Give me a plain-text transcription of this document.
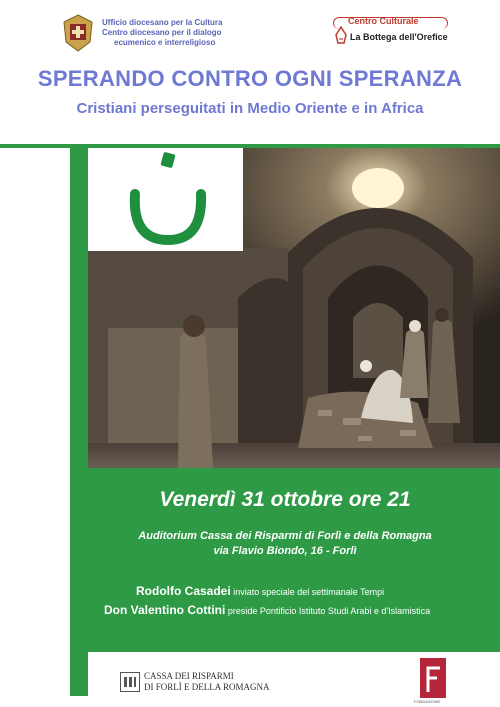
Ufficio diocesano per la Cultura
Centro diocesano per il dialogo
ecumenico e interreligioso
Centro Culturale
La Bottega dell'Orefice
SPERANDO CONTRO OGNI SPERANZA
Cristiani perseguitati in Medio Oriente e in Africa
Venerdì 31 ottobre ore 21
Auditorium Cassa dei Risparmi di Forlì e della Romagna
via Flavio Biondo, 16 - Forlì
Rodolfo Casadei inviato speciale del settimanale Tempi
Don Valentino Cottini preside Pontificio Istituto Studi Arabi e d'Islamistica
CASSA DEI RISPARMI
DI FORLÌ E DELLA ROMAGNA
FONDAZIONE
